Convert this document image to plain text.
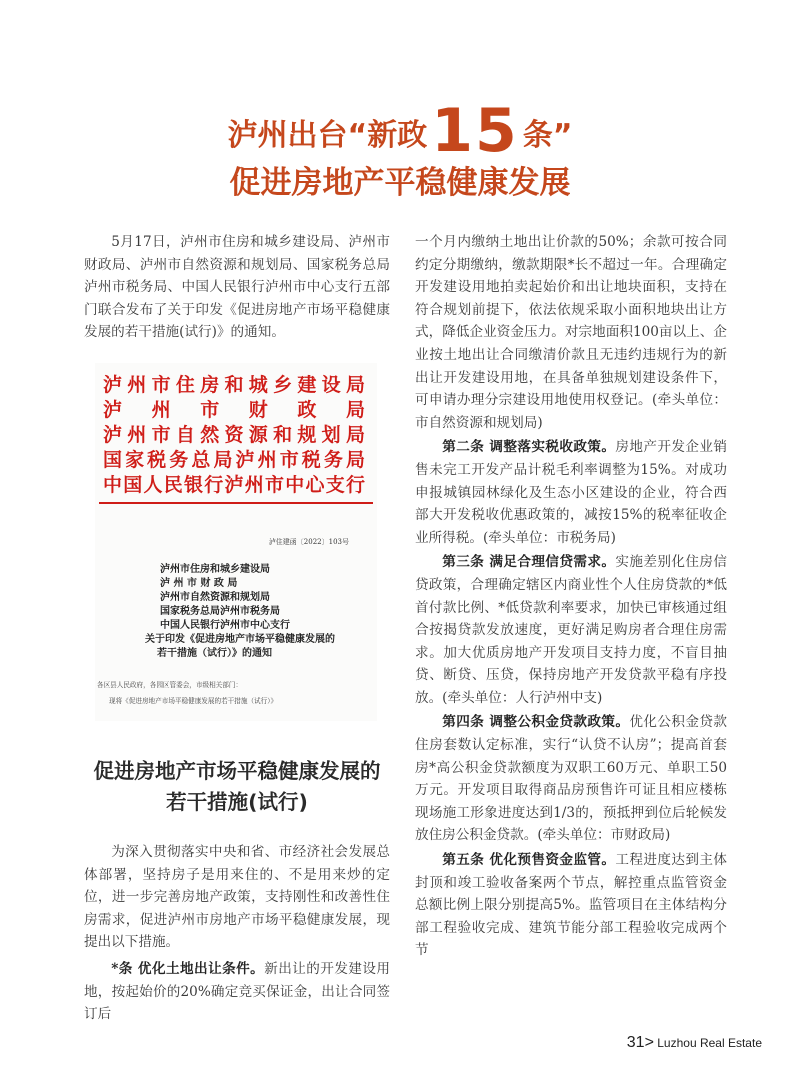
泸州出台“新政15 条”
促进房地产平稳健康发展

5月17日，泸州市住房和城乡建设局、泸州市财政局、泸州市自然资源和规划局、国家税务总局泸州市税务局、中国人民银行泸州市中心支行五部门联合发布了关于印发《促进房地产市场平稳健康发展的若干措施(试行)》的通知。

泸州市住房和城乡建设局
泸 州 市 财 政 局
泸州市自然资源和规划局
国家税务总局泸州市税务局
中国人民银行泸州市中心支行
泸住建函〔2022〕103号
泸州市住房和城乡建设局
泸 州 市 财 政 局
泸州市自然资源和规划局
国家税务总局泸州市税务局
中国人民银行泸州市中心支行
关于印发《促进房地产市场平稳健康发展的
若干措施（试行）》的通知
各区县人民政府，各园区管委会，市级相关部门：
现将《促进房地产市场平稳健康发展的若干措施（试行）》
促进房地产市场平稳健康发展的
若干措施(试行)

为深入贯彻落实中央和省、市经济社会发展总体部署，坚持房子是用来住的、不是用来炒的定位，进一步完善房地产政策，支持刚性和改善性住房需求，促进泸州市房地产市场平稳健康发展，现提出以下措施。

*条 优化土地出让条件。新出让的开发建设用地，按起始价的20%确定竞买保证金，出让合同签订后

一个月内缴纳土地出让价款的50%；余款可按合同约定分期缴纳，缴款期限*长不超过一年。合理确定开发建设用地拍卖起始价和出让地块面积，支持在符合规划前提下，依法依规采取小面积地块出让方式，降低企业资金压力。对宗地面积100亩以上、企业按土地出让合同缴清价款且无违约违规行为的新出让开发建设用地，在具备单独规划建设条件下，可申请办理分宗建设用地使用权登记。(牵头单位：市自然资源和规划局)

第二条 调整落实税收政策。房地产开发企业销售未完工开发产品计税毛利率调整为15%。对成功申报城镇园林绿化及生态小区建设的企业，符合西部大开发税收优惠政策的，减按15%的税率征收企业所得税。(牵头单位：市税务局)

第三条 满足合理信贷需求。实施差别化住房信贷政策，合理确定辖区内商业性个人住房贷款的*低首付款比例、*低贷款利率要求，加快已审核通过组合按揭贷款发放速度，更好满足购房者合理住房需求。加大优质房地产开发项目支持力度，不盲目抽贷、断贷、压贷，保持房地产开发贷款平稳有序投放。(牵头单位：人行泸州中支)

第四条 调整公积金贷款政策。优化公积金贷款住房套数认定标准，实行“认贷不认房”；提高首套房*高公积金贷款额度为双职工60万元、单职工50万元。开发项目取得商品房预售许可证且相应楼栋现场施工形象进度达到1/3的，预抵押到位后轮候发放住房公积金贷款。(牵头单位：市财政局)

第五条 优化预售资金监管。工程进度达到主体封顶和竣工验收备案两个节点，解控重点监管资金总额比例上限分别提高5%。监管项目在主体结构分部工程验收完成、建筑节能分部工程验收完成两个节

31> Luzhou Real Estate
